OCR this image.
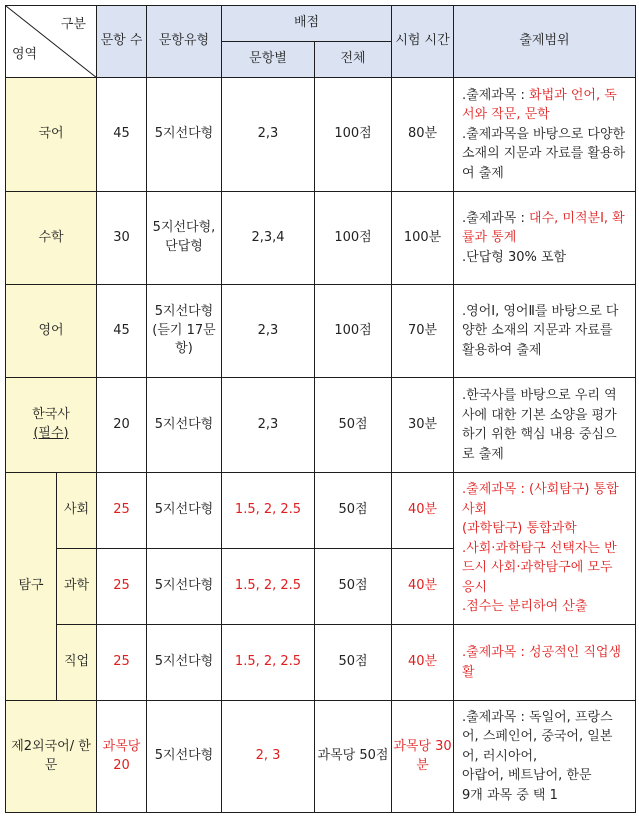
구분
영역		문항 수	문항유형	배점		시험 시간	출제범위
				문항별	전체		
국어		45	5지선다형	2,3	100점	80분	.출제과목 : 화법과 언어, 독서와 작문, 문학
.출제과목을 바탕으로 다양한 소재의 지문과 자료를 활용하여 출제
수학		30	5지선다형, 단답형	2,3,4	100점	100분	.출제과목 : 대수, 미적분I, 확률과 통계
.단답형 30% 포함
영어		45	5지선다형 (듣기 17문항)	2,3	100점	70분	.영어Ⅰ, 영어Ⅱ를 바탕으로 다양한 소재의 지문과 자료를 활용하여 출제
한국사
(필수)		20	5지선다형	2,3	50점	30분	.한국사를 바탕으로 우리 역사에 대한 기본 소양을 평가하기 위한 핵심 내용 중심으로 출제
탐구	사회	25	5지선다형	1.5, 2, 2.5	50점	40분	.출제과목 : (사회탐구) 통합사회
(과학탐구) 통합과학
.사회·과학탐구 선택자는 반드시 사회·과학탐구에 모두 응시
.점수는 분리하여 산출
	과학	25	5지선다형	1.5, 2, 2.5	50점	40분	
	직업	25	5지선다형	1.5, 2, 2.5	50점	40분	.출제과목 : 성공적인 직업생활
제2외국어/ 한문		과목당 20	5지선다형	2, 3	과목당 50점	과목당 30분	.출제과목 : 독일어, 프랑스어, 스페인어, 중국어, 일본어, 러시아어,
아랍어, 베트남어, 한문
9개 과목 중 택 1
